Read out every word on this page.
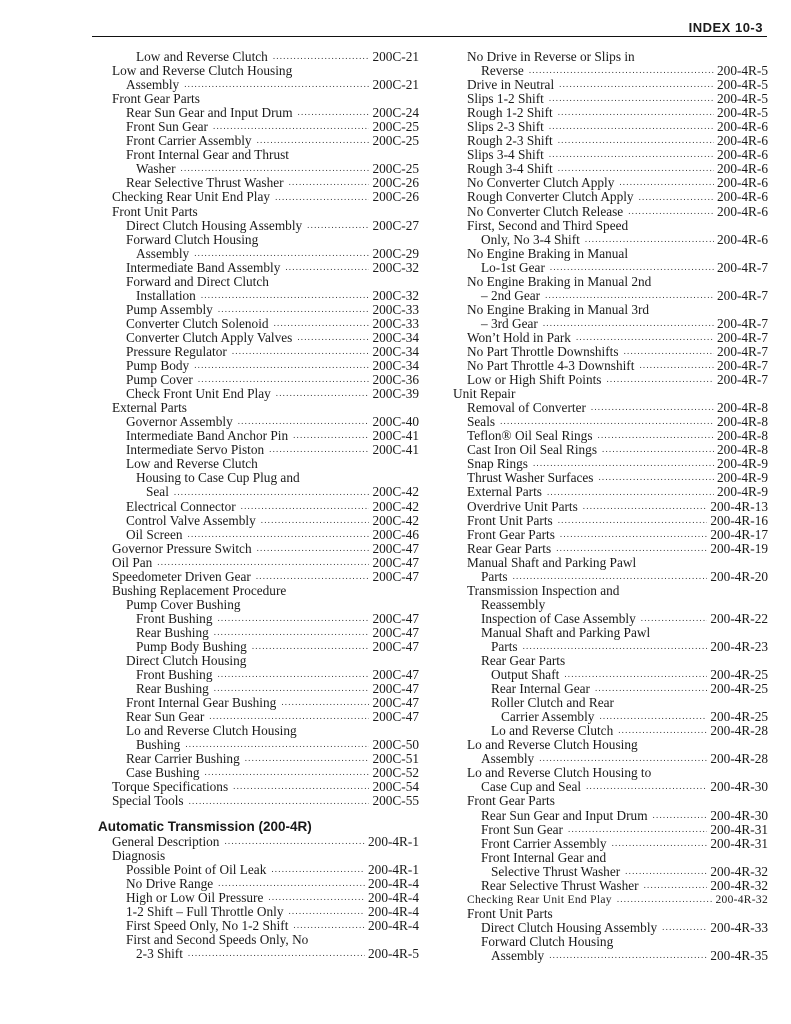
INDEX 10-3
Low and Reverse Clutch .....	200C-21
Low and Reverse Clutch Housing
Assembly .....	200C-21
Front Gear Parts
Rear Sun Gear and Input Drum .....	200C-24
Front Sun Gear .....	200C-25
Front Carrier Assembly .....	200C-25
Front Internal Gear and Thrust
Washer .....	200C-25
Rear Selective Thrust Washer .....	200C-26
Checking Rear Unit End Play .....	200C-26
Front Unit Parts
Direct Clutch Housing Assembly .....	200C-27
Forward Clutch Housing
Assembly .....	200C-29
Intermediate Band Assembly .....	200C-32
Forward and Direct Clutch
Installation .....	200C-32
Pump Assembly .....	200C-33
Converter Clutch Solenoid .....	200C-33
Converter Clutch Apply Valves .....	200C-34
Pressure Regulator .....	200C-34
Pump Body .....	200C-34
Pump Cover .....	200C-36
Check Front Unit End Play .....	200C-39
External Parts
Governor Assembly .....	200C-40
Intermediate Band Anchor Pin .....	200C-41
Intermediate Servo Piston .....	200C-41
Low and Reverse Clutch
Housing to Case Cup Plug and
Seal .....	200C-42
Electrical Connector .....	200C-42
Control Valve Assembly .....	200C-42
Oil Screen .....	200C-46
Governor Pressure Switch .....	200C-47
Oil Pan .....	200C-47
Speedometer Driven Gear .....	200C-47
Bushing Replacement Procedure
Pump Cover Bushing
Front Bushing .....	200C-47
Rear Bushing .....	200C-47
Pump Body Bushing .....	200C-47
Direct Clutch Housing
Front Bushing .....	200C-47
Rear Bushing .....	200C-47
Front Internal Gear Bushing .....	200C-47
Rear Sun Gear .....	200C-47
Lo and Reverse Clutch Housing
Bushing .....	200C-50
Rear Carrier Bushing .....	200C-51
Case Bushing .....	200C-52
Torque Specifications .....	200C-54
Special Tools .....	200C-55
Automatic Transmission (200-4R)
General Description .....	200-4R-1
Diagnosis
Possible Point of Oil Leak .....	200-4R-1
No Drive Range .....	200-4R-4
High or Low Oil Pressure .....	200-4R-4
1-2 Shift – Full Throttle Only .....	200-4R-4
First Speed Only, No 1-2 Shift .....	200-4R-4
First and Second Speeds Only, No
2-3 Shift .....	200-4R-5
No Drive in Reverse or Slips in
Reverse .....	200-4R-5
Drive in Neutral .....	200-4R-5
Slips 1-2 Shift .....	200-4R-5
Rough 1-2 Shift .....	200-4R-5
Slips 2-3 Shift .....	200-4R-6
Rough 2-3 Shift .....	200-4R-6
Slips 3-4 Shift .....	200-4R-6
Rough 3-4 Shift .....	200-4R-6
No Converter Clutch Apply .....	200-4R-6
Rough Converter Clutch Apply .....	200-4R-6
No Converter Clutch Release .....	200-4R-6
First, Second and Third Speed
Only, No 3-4 Shift .....	200-4R-6
No Engine Braking in Manual
Lo-1st Gear .....	200-4R-7
No Engine Braking in Manual 2nd
– 2nd Gear .....	200-4R-7
No Engine Braking in Manual 3rd
– 3rd Gear .....	200-4R-7
Won’t Hold in Park .....	200-4R-7
No Part Throttle Downshifts .....	200-4R-7
No Part Throttle 4-3 Downshift .....	200-4R-7
Low or High Shift Points .....	200-4R-7
Unit Repair
Removal of Converter .....	200-4R-8
Seals .....	200-4R-8
Teflon® Oil Seal Rings .....	200-4R-8
Cast Iron Oil Seal Rings .....	200-4R-8
Snap Rings .....	200-4R-9
Thrust Washer Surfaces .....	200-4R-9
External Parts .....	200-4R-9
Overdrive Unit Parts .....	200-4R-13
Front Unit Parts .....	200-4R-16
Front Gear Parts .....	200-4R-17
Rear Gear Parts .....	200-4R-19
Manual Shaft and Parking Pawl
Parts .....	200-4R-20
Transmission Inspection and
Reassembly
Inspection of Case Assembly .....	200-4R-22
Manual Shaft and Parking Pawl
Parts .....	200-4R-23
Rear Gear Parts
Output Shaft .....	200-4R-25
Rear Internal Gear .....	200-4R-25
Roller Clutch and Rear
Carrier Assembly .....	200-4R-25
Lo and Reverse Clutch .....	200-4R-28
Lo and Reverse Clutch Housing
Assembly .....	200-4R-28
Lo and Reverse Clutch Housing to
Case Cup and Seal .....	200-4R-30
Front Gear Parts
Rear Sun Gear and Input Drum .....	200-4R-30
Front Sun Gear .....	200-4R-31
Front Carrier Assembly .....	200-4R-31
Front Internal Gear and
Selective Thrust Washer .....	200-4R-32
Rear Selective Thrust Washer .....	200-4R-32
Checking Rear Unit End Play .....	200-4R-32
Front Unit Parts
Direct Clutch Housing Assembly .....	200-4R-33
Forward Clutch Housing
Assembly .....	200-4R-35
